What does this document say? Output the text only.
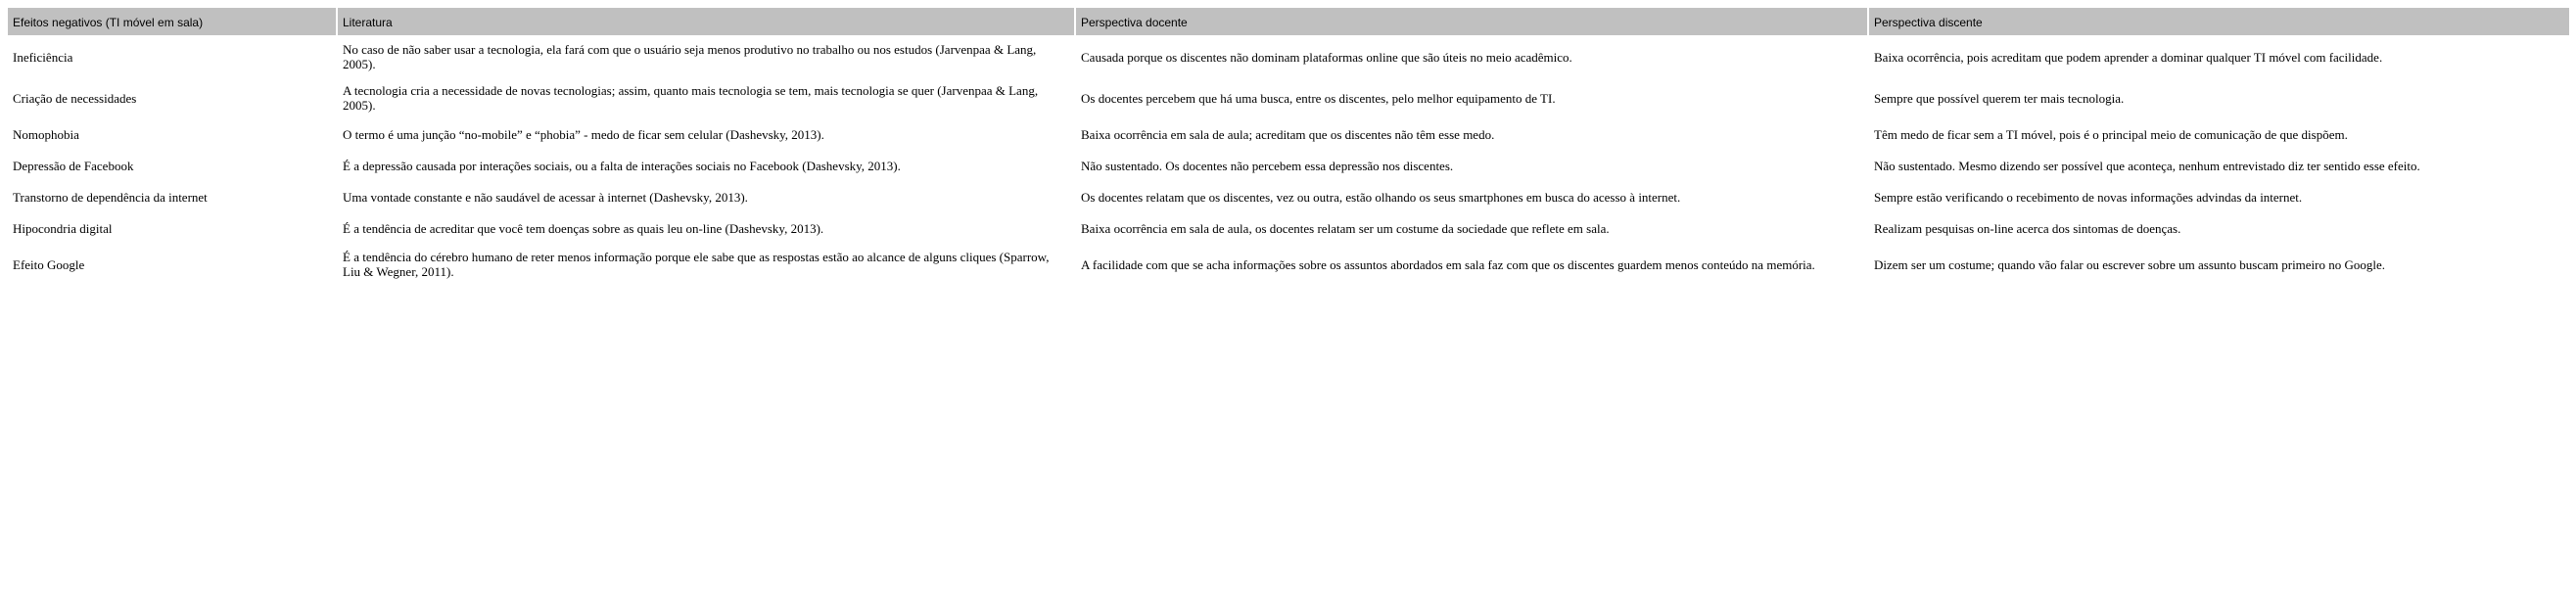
Efeitos negativos (TI móvel em sala)	Literatura	Perspectiva docente	Perspectiva discente
Ineficiência	No caso de não saber usar a tecnologia, ela fará com que o usuário seja menos produtivo no trabalho ou nos estudos (Jarvenpaa & Lang, 2005).	Causada porque os discentes não dominam plataformas online que são úteis no meio acadêmico.	Baixa ocorrência, pois acreditam que podem aprender a dominar qualquer TI móvel com facilidade.
Criação de necessidades	A tecnologia cria a necessidade de novas tecnologias; assim, quanto mais tecnologia se tem, mais tecnologia se quer (Jarvenpaa & Lang, 2005).	Os docentes percebem que há uma busca, entre os discentes, pelo melhor equipamento de TI.	Sempre que possível querem ter mais tecnologia.
Nomophobia	O termo é uma junção “no-mobile” e “phobia” - medo de ficar sem celular (Dashevsky, 2013).	Baixa ocorrência em sala de aula; acreditam que os discentes não têm esse medo.	Têm medo de ficar sem a TI móvel, pois é o principal meio de comunicação de que dispõem.
Depressão de Facebook	É a depressão causada por interações sociais, ou a falta de interações sociais no Facebook (Dashevsky, 2013).	Não sustentado. Os docentes não percebem essa depressão nos discentes.	Não sustentado. Mesmo dizendo ser possível que aconteça, nenhum entrevistado diz ter sentido esse efeito.
Transtorno de dependência da internet	Uma vontade constante e não saudável de acessar à internet (Dashevsky, 2013).	Os docentes relatam que os discentes, vez ou outra, estão olhando os seus smartphones em busca do acesso à internet.	Sempre estão verificando o recebimento de novas informações advindas da internet.
Hipocondria digital	É a tendência de acreditar que você tem doenças sobre as quais leu on-line (Dashevsky, 2013).	Baixa ocorrência em sala de aula, os docentes relatam ser um costume da sociedade que reflete em sala.	Realizam pesquisas on-line acerca dos sintomas de doenças.
Efeito Google	É a tendência do cérebro humano de reter menos informação porque ele sabe que as respostas estão ao alcance de alguns cliques (Sparrow, Liu & Wegner, 2011).	A facilidade com que se acha informações sobre os assuntos abordados em sala faz com que os discentes guardem menos conteúdo na memória.	Dizem ser um costume; quando vão falar ou escrever sobre um assunto buscam primeiro no Google.
